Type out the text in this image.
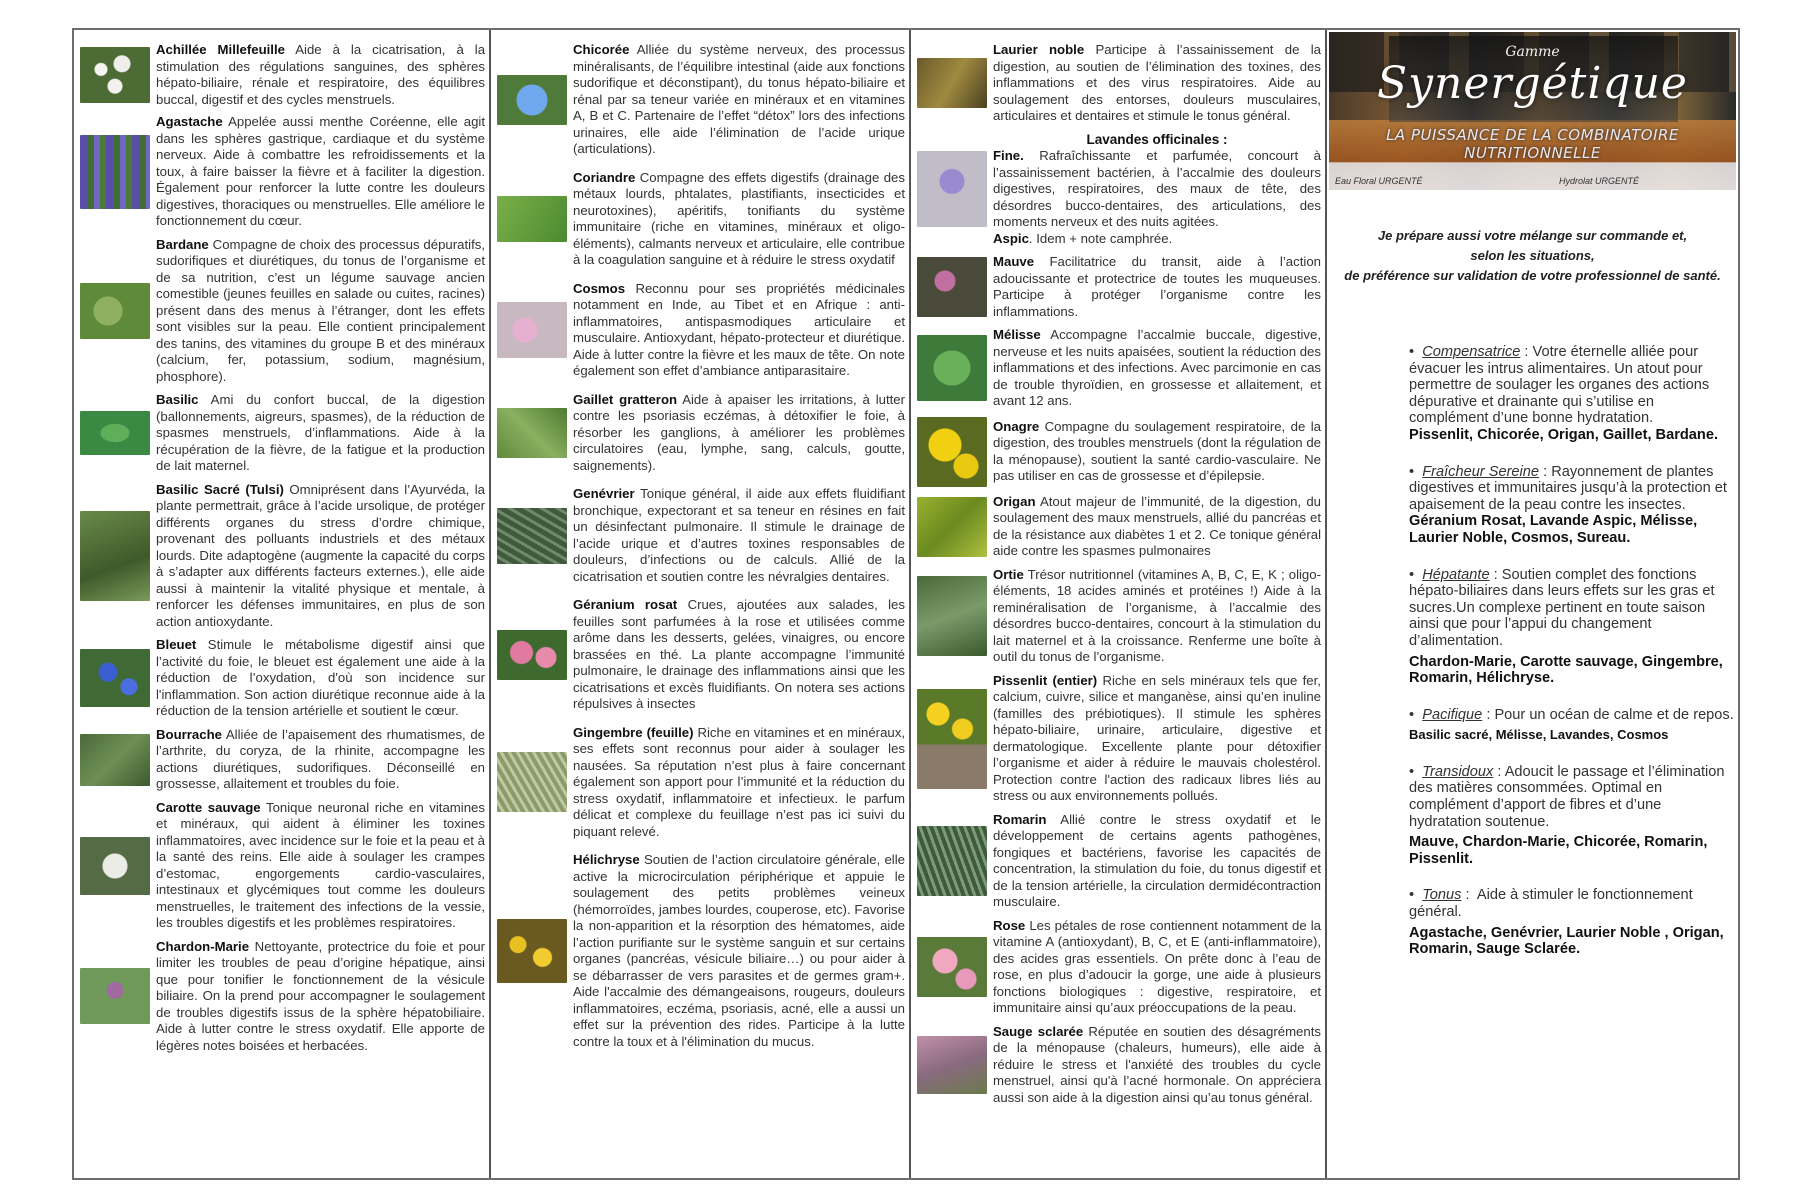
Achillée Millefeuille Aide à la cicatrisation, à la stimulation des régulations sanguines, des sphères hépato-biliaire, rénale et respiratoire, des équilibres buccal, digestif et des cycles menstruels.
Agastache Appelée aussi menthe Coréenne, elle agit dans les sphères gastrique, cardiaque et du système nerveux. Aide à combattre les refroidissements et la toux, à faire baisser la fièvre et à faciliter la digestion. Également pour renforcer la lutte contre les douleurs digestives, thoraciques ou menstruelles. Elle améliore le fonctionnement du cœur.
Bardane Compagne de choix des processus dépuratifs, sudorifiques et diurétiques, du tonus de l’organisme et de sa nutrition, c’est un légume sauvage ancien comestible (jeunes feuilles en salade ou cuites, racines) présent dans des menus à l’étranger, dont les effets sont visibles sur la peau. Elle contient principalement des tanins, des vitamines du groupe B et des minéraux (calcium, fer, potassium, sodium, magnésium, phosphore).
Basilic Ami du confort buccal, de la digestion (ballonnements, aigreurs, spasmes), de la réduction de spasmes menstruels, d’inflammations. Aide à la récupération de la fièvre, de la fatigue et la production de lait maternel.
Basilic Sacré (Tulsi) Omniprésent dans l’Ayurvéda, la plante permettrait, grâce à l’acide ursolique, de protéger différents organes du stress d’ordre chimique, provenant des polluants industriels et des métaux lourds. Dite adaptogène (augmente la capacité du corps à s’adapter aux différents facteurs externes.), elle aide aussi à maintenir la vitalité physique et mentale, à renforcer les défenses immunitaires, en plus de son action antioxydante.
Bleuet Stimule le métabolisme digestif ainsi que l’activité du foie, le bleuet est également une aide à la réduction de l’oxydation, d'où son incidence sur l'inflammation. Son action diurétique reconnue aide à la réduction de la tension artérielle et soutient le cœur.
Bourrache Alliée de l’apaisement des rhumatismes, de l’arthrite, du coryza, de la rhinite, accompagne les actions diurétiques, sudorifiques. Déconseillé en grossesse, allaitement et troubles du foie.
Carotte sauvage Tonique neuronal riche en vitamines et minéraux, qui aident à éliminer les toxines inflammatoires, avec incidence sur le foie et la peau et à la santé des reins. Elle aide à soulager les crampes d’estomac, engorgements cardio-vasculaires, intestinaux et glycémiques tout comme les douleurs menstruelles, le traitement des infections de la vessie, les troubles digestifs et les problèmes respiratoires.
Chardon-Marie Nettoyante, protectrice du foie et pour limiter les troubles de peau d’origine hépatique, ainsi que pour tonifier le fonctionnement de la vésicule biliaire. On la prend pour accompagner le soulagement de troubles digestifs issus de la sphère hépatobiliaire. Aide à lutter contre le stress oxydatif. Elle apporte de légères notes boisées et herbacées.
Chicorée Alliée du système nerveux, des processus minéralisants, de l’équilibre intestinal (aide aux fonctions sudorifique et déconstipant), du tonus hépato-biliaire et rénal par sa teneur variée en minéraux et en vitamines A, B et C. Partenaire de l’effet “détox” lors des infections urinaires, elle aide l’élimination de l’acide urique (articulations).
Coriandre Compagne des effets digestifs (drainage des métaux lourds, phtalates, plastifiants, insecticides et neurotoxines), apéritifs, tonifiants du système immunitaire (riche en vitamines, minéraux et oligo-éléments), calmants nerveux et articulaire, elle contribue à la coagulation sanguine et à réduire le stress oxydatif
Cosmos Reconnu pour ses propriétés médicinales notamment en Inde, au Tibet et en Afrique : anti-inflammatoires, antispasmodiques articulaire et musculaire. Antioxydant, hépato-protecteur et diurétique. Aide à lutter contre la fièvre et les maux de tête. On note également son effet d’ambiance antiparasitaire.
Gaillet gratteron Aide à apaiser les irritations, à lutter contre les psoriasis eczémas, à détoxifier le foie, à résorber les ganglions, à améliorer les problèmes circulatoires (eau, lymphe, sang, calculs, goutte, saignements).
Genévrier Tonique général, il aide aux effets fluidifiant bronchique, expectorant et sa teneur en résines en fait un désinfectant pulmonaire. Il stimule le drainage de l’acide urique et d’autres toxines responsables de douleurs, d’infections ou de calculs. Allié de la cicatrisation et soutien contre les névralgies dentaires.
Géranium rosat Crues, ajoutées aux salades, les feuilles sont parfumées à la rose et utilisées comme arôme dans les desserts, gelées, vinaigres, ou encore brassées en thé. La plante accompagne l’immunité pulmonaire, le drainage des inflammations ainsi que les cicatrisations et excès fluidifiants. On notera ses actions répulsives à insectes
Gingembre (feuille) Riche en vitamines et en minéraux, ses effets sont reconnus pour aider à soulager les nausées. Sa réputation n’est plus à faire concernant également son apport pour l’immunité et la réduction du stress oxydatif, inflammatoire et infectieux. le parfum délicat et complexe du feuillage n’est pas ici suivi du piquant relevé.
Hélichryse Soutien de l’action circulatoire générale, elle active la microcirculation périphérique et appuie le soulagement des petits problèmes veineux (hémorroïdes, jambes lourdes, couperose, etc). Favorise la non-apparition et la résorption des hématomes, aide l’action purifiante sur le système sanguin et sur certains organes (pancréas, vésicule biliaire…) ou pour aider à se débarrasser de vers parasites et de germes gram+. Aide l'accalmie des démangeaisons, rougeurs, douleurs inflammatoires, eczéma, psoriasis, acné, elle a aussi un effet sur la prévention des rides. Participe à la lutte contre la toux et à l'élimination du mucus.
Laurier noble Participe à l’assainissement de la digestion, au soutien de l’élimination des toxines, des inflammations et des virus respiratoires. Aide au soulagement des entorses, douleurs musculaires, articulaires et dentaires et stimule le tonus général.
Lavandes officinales :
Fine. Rafraîchissante et parfumée, concourt à l’assainissement bactérien, à l’accalmie des douleurs digestives, respiratoires, des maux de tête, des désordres bucco-dentaires, des articulations, des moments nerveux et des nuits agitées.
Aspic. Idem + note camphrée.
Mauve Facilitatrice du transit, aide à l’action adoucissante et protectrice de toutes les muqueuses. Participe à protéger l’organisme contre les inflammations.
Mélisse Accompagne l’accalmie buccale, digestive, nerveuse et les nuits apaisées, soutient la réduction des inflammations et des infections. Avec parcimonie en cas de trouble thyroïdien, en grossesse et allaitement, et avant 12 ans.
Onagre Compagne du soulagement respiratoire, de la digestion, des troubles menstruels (dont la régulation de la ménopause), soutient la santé cardio-vasculaire. Ne pas utiliser en cas de grossesse et d’épilepsie.
Origan Atout majeur de l’immunité, de la digestion, du soulagement des maux menstruels, allié du pancréas et de la résistance aux diabètes 1 et 2. Ce tonique général aide contre les spasmes pulmonaires
Ortie Trésor nutritionnel (vitamines A, B, C, E, K ; oligo-éléments, 18 acides aminés et protéines !) Aide à la reminéralisation de l’organisme, à l’accalmie des désordres bucco-dentaires, concourt à la stimulation du lait maternel et à la croissance. Renferme une boîte à outil du tonus de l’organisme.
Pissenlit (entier) Riche en sels minéraux tels que fer, calcium, cuivre, silice et manganèse, ainsi qu’en inuline (familles des prébiotiques). Il stimule les sphères hépato-biliaire, urinaire, articulaire, digestive et dermatologique. Excellente plante pour détoxifier l’organisme et aider à réduire le mauvais cholestérol. Protection contre l'action des radicaux libres liés au stress ou aux environnements pollués.
Romarin Allié contre le stress oxydatif et le développement de certains agents pathogènes, fongiques et bactériens, favorise les capacités de concentration, la stimulation du foie, du tonus digestif et de la tension artérielle, la circulation dermidécontraction musculaire.
Rose Les pétales de rose contiennent notamment de la vitamine A (antioxydant), B, C, et E (anti-inflammatoire), des acides gras essentiels. On prête donc à l’eau de rose, en plus d’adoucir la gorge, une aide à plusieurs fonctions biologiques : digestive, respiratoire, et immunitaire ainsi qu’aux préoccupations de la peau.
Sauge sclarée Réputée en soutien des désagréments de la ménopause (chaleurs, humeurs), elle aide à réduire le stress et l'anxiété des troubles du cycle menstruel, ainsi qu'à l’acné hormonale. On appréciera aussi son aide à la digestion ainsi qu’au tonus général.
Gamme
Synergétique
LA PUISSANCE DE LA COMBINATOIRE
NUTRITIONNELLE
Eau Floral URGENTÉ	Hydrolat URGENTÉ
Je prépare aussi votre mélange sur commande et,
selon les situations,
de préférence sur validation de votre professionnel de santé.
•  Compensatrice : Votre éternelle alliée pour évacuer les intrus alimentaires. Un atout pour permettre de soulager les organes des actions dépurative et drainante qui s’utilise en complément d’une bonne hydratation.
Pissenlit, Chicorée, Origan, Gaillet, Bardane.
•  Fraîcheur Sereine : Rayonnement de plantes digestives et immunitaires jusqu’à la protection et apaisement de la peau contre les insectes.
Géranium Rosat, Lavande Aspic, Mélisse, Laurier Noble, Cosmos, Sureau.
•  Hépatante : Soutien complet des fonctions hépato-biliaires dans leurs effets sur les gras et sucres.Un complexe pertinent en toute saison ainsi que pour l’appui du changement d’alimentation.
Chardon-Marie, Carotte sauvage, Gingembre, Romarin, Hélichryse.
•  Pacifique : Pour un océan de calme et de repos.
Basilic sacré, Mélisse, Lavandes, Cosmos
•  Transidoux : Adoucit le passage et l’élimination des matières consommées. Optimal en complément d’apport de fibres et d’une hydratation soutenue.
Mauve, Chardon-Marie, Chicorée, Romarin, Pissenlit.
•  Tonus :  Aide à stimuler le fonctionnement général.
Agastache, Genévrier, Laurier Noble , Origan, Romarin, Sauge Sclarée.
